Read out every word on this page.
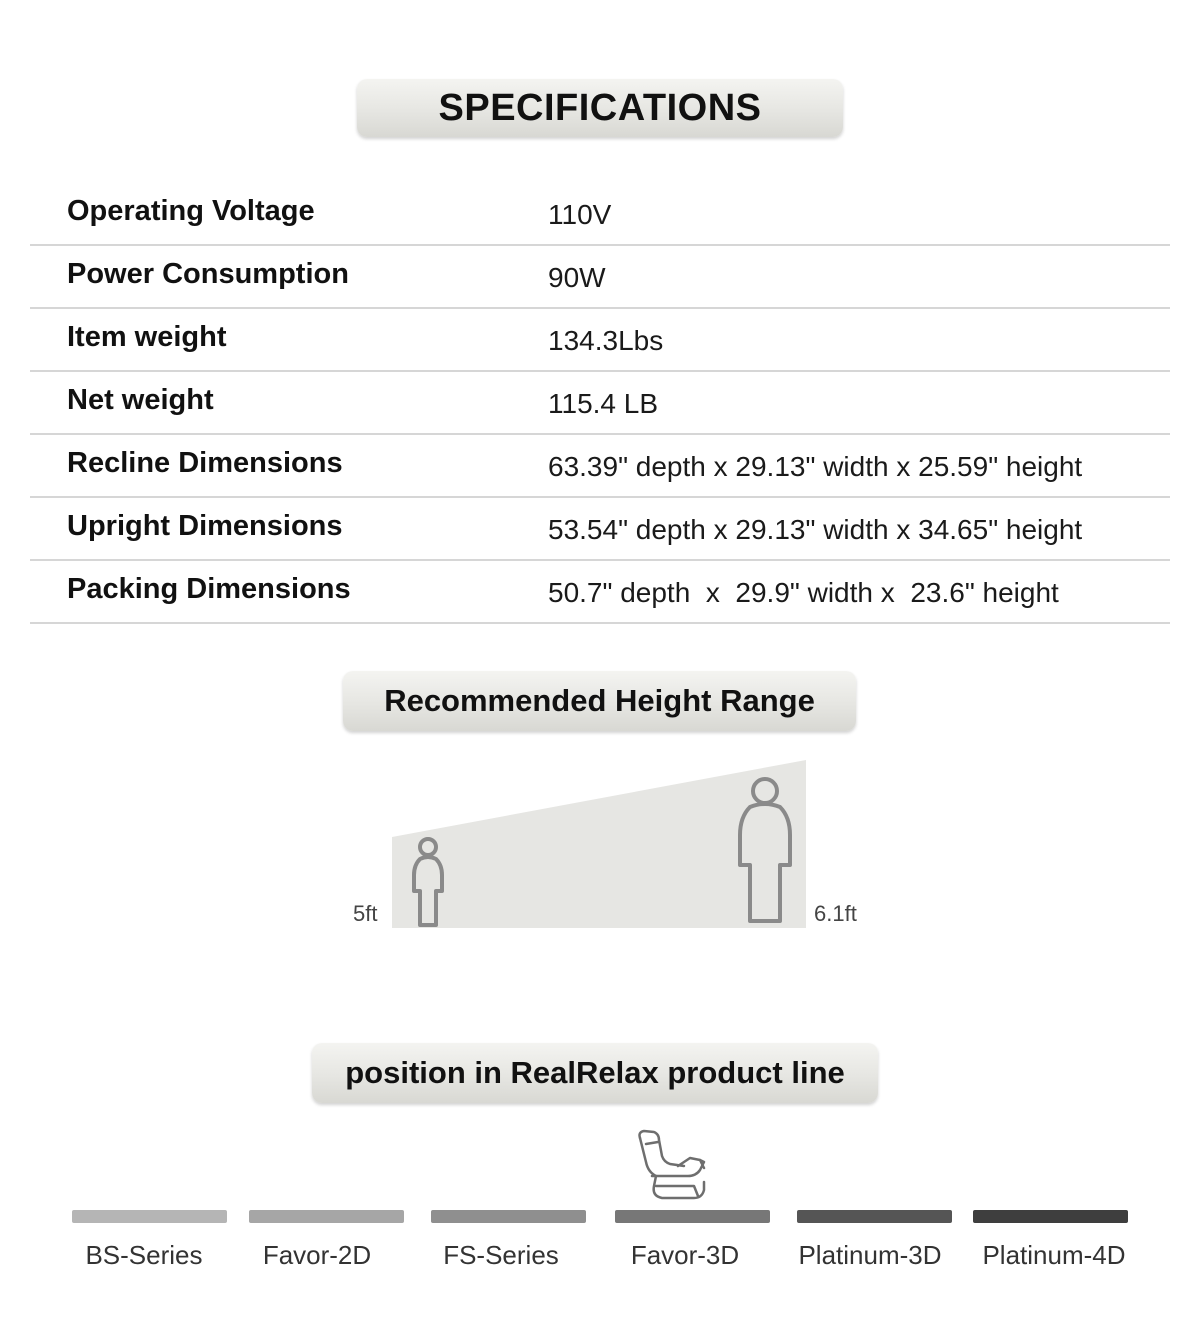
SPECIFICATIONS
Operating Voltage	110V
Power Consumption	90W
Item weight	134.3Lbs
Net weight	115.4 LB
Recline Dimensions	63.39" depth x 29.13" width x 25.59" height
Upright Dimensions	53.54" depth x 29.13" width x 34.65" height
Packing Dimensions	50.7" depth  x  29.9" width x  23.6" height
Recommended Height Range
5ft	6.1ft
position in RealRelax product line
BS-Series	Favor-2D	FS-Series	Favor-3D	Platinum-3D	Platinum-4D
